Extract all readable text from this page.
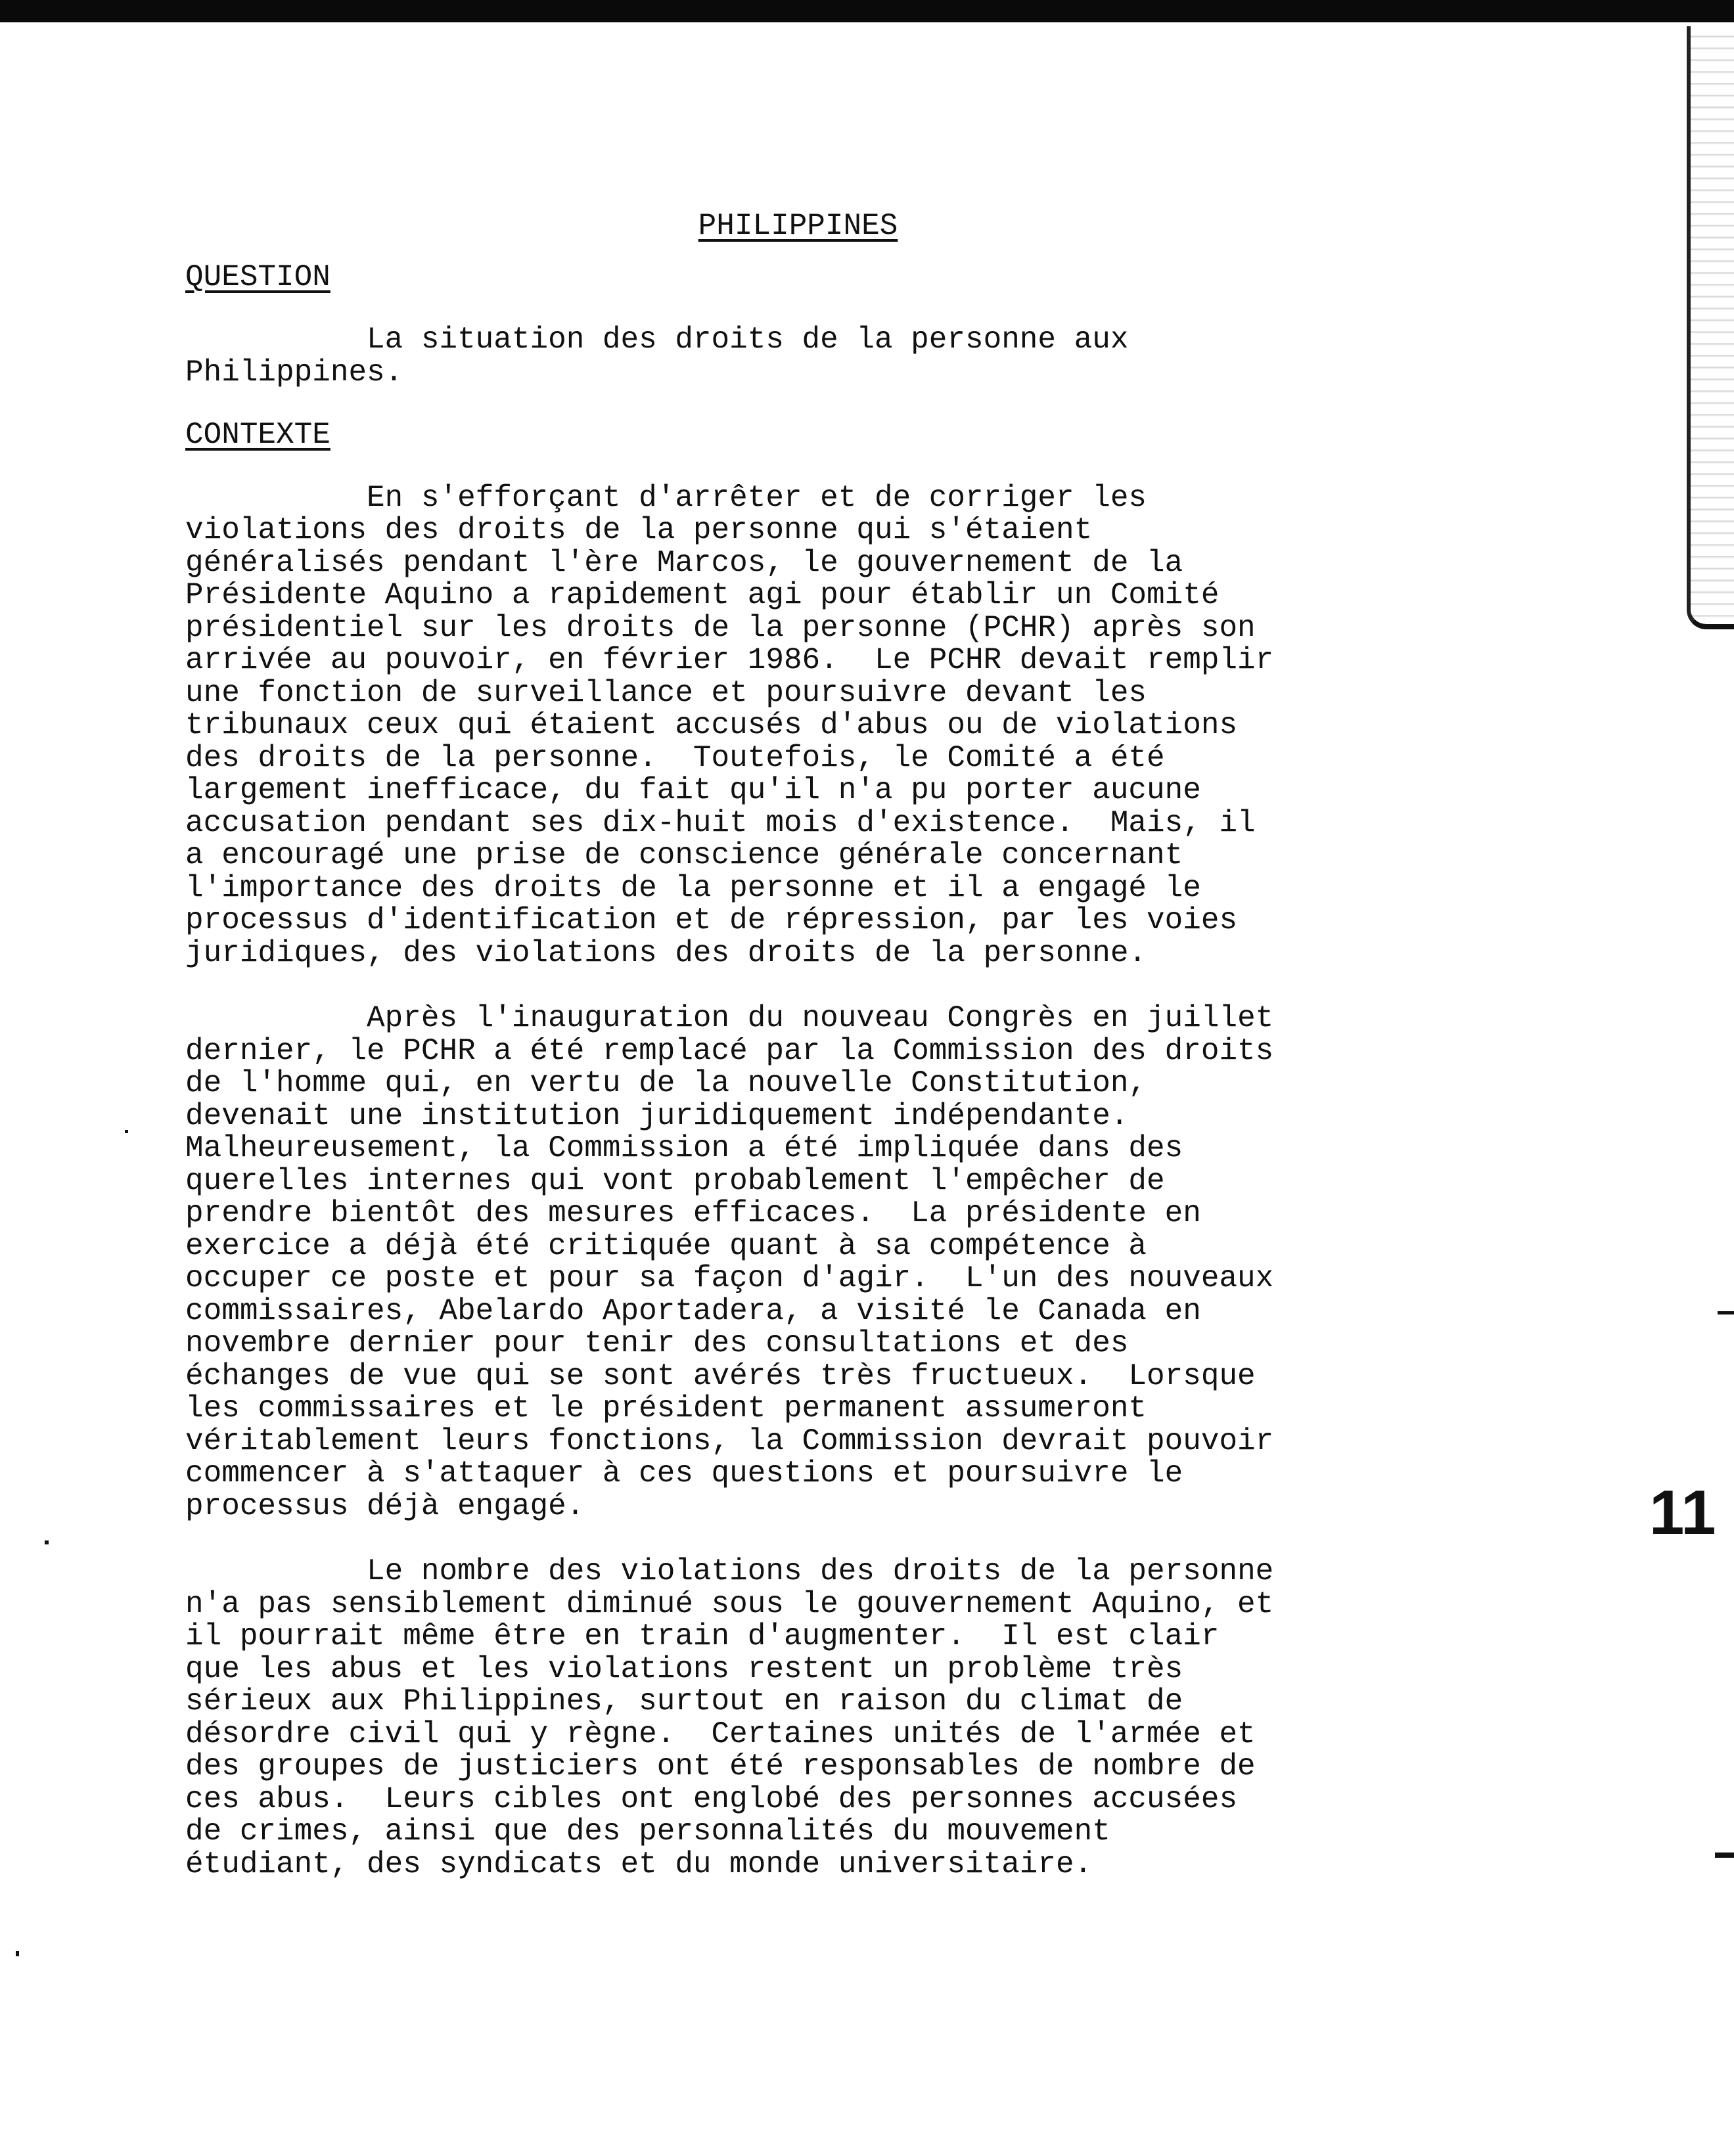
PHILIPPINES

QUESTION

La situation des droits de la personne aux
Philippines.

CONTEXTE

En s'efforçant d'arrêter et de corriger les
violations des droits de la personne qui s'étaient
généralisés pendant l'ère Marcos, le gouvernement de la
Présidente Aquino a rapidement agi pour établir un Comité
présidentiel sur les droits de la personne (PCHR) après son
arrivée au pouvoir, en février 1986.  Le PCHR devait remplir
une fonction de surveillance et poursuivre devant les
tribunaux ceux qui étaient accusés d'abus ou de violations
des droits de la personne.  Toutefois, le Comité a été
largement inefficace, du fait qu'il n'a pu porter aucune
accusation pendant ses dix-huit mois d'existence.  Mais, il
a encouragé une prise de conscience générale concernant
l'importance des droits de la personne et il a engagé le
processus d'identification et de répression, par les voies
juridiques, des violations des droits de la personne.

Après l'inauguration du nouveau Congrès en juillet
dernier, le PCHR a été remplacé par la Commission des droits
de l'homme qui, en vertu de la nouvelle Constitution,
devenait une institution juridiquement indépendante.
Malheureusement, la Commission a été impliquée dans des
querelles internes qui vont probablement l'empêcher de
prendre bientôt des mesures efficaces.  La présidente en
exercice a déjà été critiquée quant à sa compétence à
occuper ce poste et pour sa façon d'agir.  L'un des nouveaux
commissaires, Abelardo Aportadera, a visité le Canada en
novembre dernier pour tenir des consultations et des
échanges de vue qui se sont avérés très fructueux.  Lorsque
les commissaires et le président permanent assumeront
véritablement leurs fonctions, la Commission devrait pouvoir
commencer à s'attaquer à ces questions et poursuivre le
processus déjà engagé.

Le nombre des violations des droits de la personne
n'a pas sensiblement diminué sous le gouvernement Aquino, et
il pourrait même être en train d'augmenter.  Il est clair
que les abus et les violations restent un problème très
sérieux aux Philippines, surtout en raison du climat de
désordre civil qui y règne.  Certaines unités de l'armée et
des groupes de justiciers ont été responsables de nombre de
ces abus.  Leurs cibles ont englobé des personnes accusées
de crimes, ainsi que des personnalités du mouvement
étudiant, des syndicats et du monde universitaire.

11
